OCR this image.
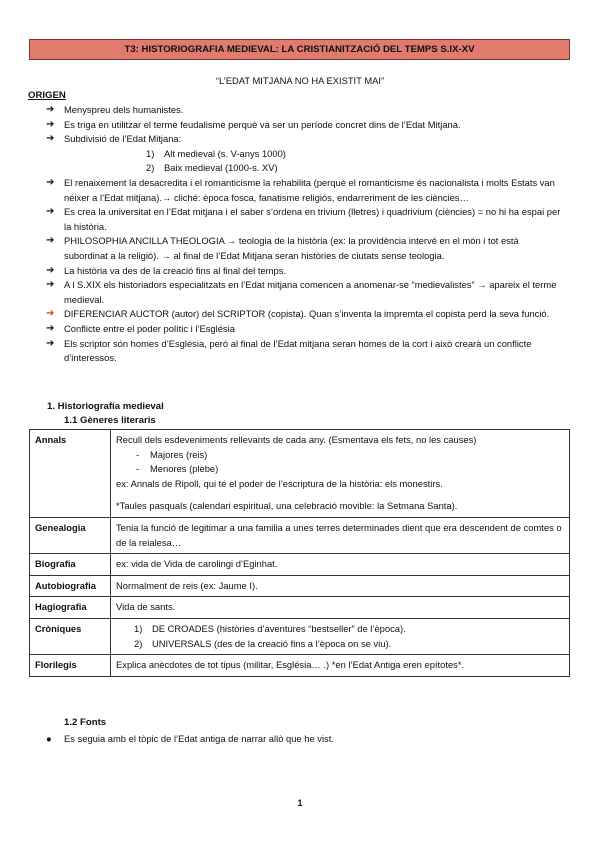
T3: HISTORIOGRAFIA MEDIEVAL: LA CRISTIANITZACIÓ DEL TEMPS S.IX-XV
“L’EDAT MITJANA NO HA EXISTIT MAI”
ORIGEN
➔ Menyspreu dels humanistes.
➔ Es triga en utilitzar el terme feudalisme perquè va ser un període concret dins de l’Edat Mitjana.
➔ Subdivisió de l’Edat Mitjana:
1) Alt medieval (s. V-anys 1000)
2) Baix medieval (1000-s. XV)
➔ El renaixement la desacredita i el romanticisme la rehabilita (perquè el romanticisme és nacionalista i molts Estats van néixer a l’Edat mitjana).→ cliché: època fosca, fanatisme religiós, endarreriment de les ciències…
➔ Es crea la universitat en l’Edat mitjana i el saber s’ordena en trivium (lletres) i quadrivium (ciències) = no hi ha espai per la història.
➔ PHILOSOPHIA ANCILLA THEOLOGIA → teologia de la història (ex: la providència intervé en el món i tot està subordinat a la religió). → al final de l’Edat Mitjana seran històries de ciutats sense teologia.
➔ La història va des de la creació fins al final del temps.
➔ A l S.XIX els historiadors especialitzats en l’Edat mitjana comencen a anomenar-se “medievalistes” → apareix el terme medieval.
➔ DIFERENCIAR AUCTOR (autor) del SCRIPTOR (copista). Quan s’inventa la impremta el copista perd la seva funció.
➔ Conflicte entre el poder polític i l’Església
➔ Els scriptor són homes d’Església, però al final de l’Edat mitjana seran homes de la cort i això crearà un conflicte d’interessos.
1. Historiografía medieval
1.1 Gèneres literaris
Annals	Recull dels esdeveniments rellevants de cada any. (Esmentava els fets, no les causes)
- Majores (reis)
- Menores (plebe)
ex: Annals de Ripoll, qui té el poder de l’escriptura de la història: els monestirs.
*Taules pasquals (calendari espiritual, una celebració movible: la Setmana Santa).

Genealogia	Tenia la funció de legitimar a una familia a unes terres determinades dient que era descendent de comtes o de la reialesa…
Biografia	ex: vida de Vida de carolingi d’Eginhat.
Autobiografia	Normalment de reis (ex: Jaume I).
Hagiografia	Vida de sants.
Cròniques	1) DE CROADES (històries d’aventures “bestseller” de l’època).
2) UNIVERSALS (des de la creació fins a l’època on se viu).

Florilegis	Explica anècdotes de tot tipus (militar, Església… .) *en l’Edat Antiga eren epítotes*.
1.2 Fonts
● Es seguia amb el tòpic de l’Edat antiga de narrar allò que he vist.
1
